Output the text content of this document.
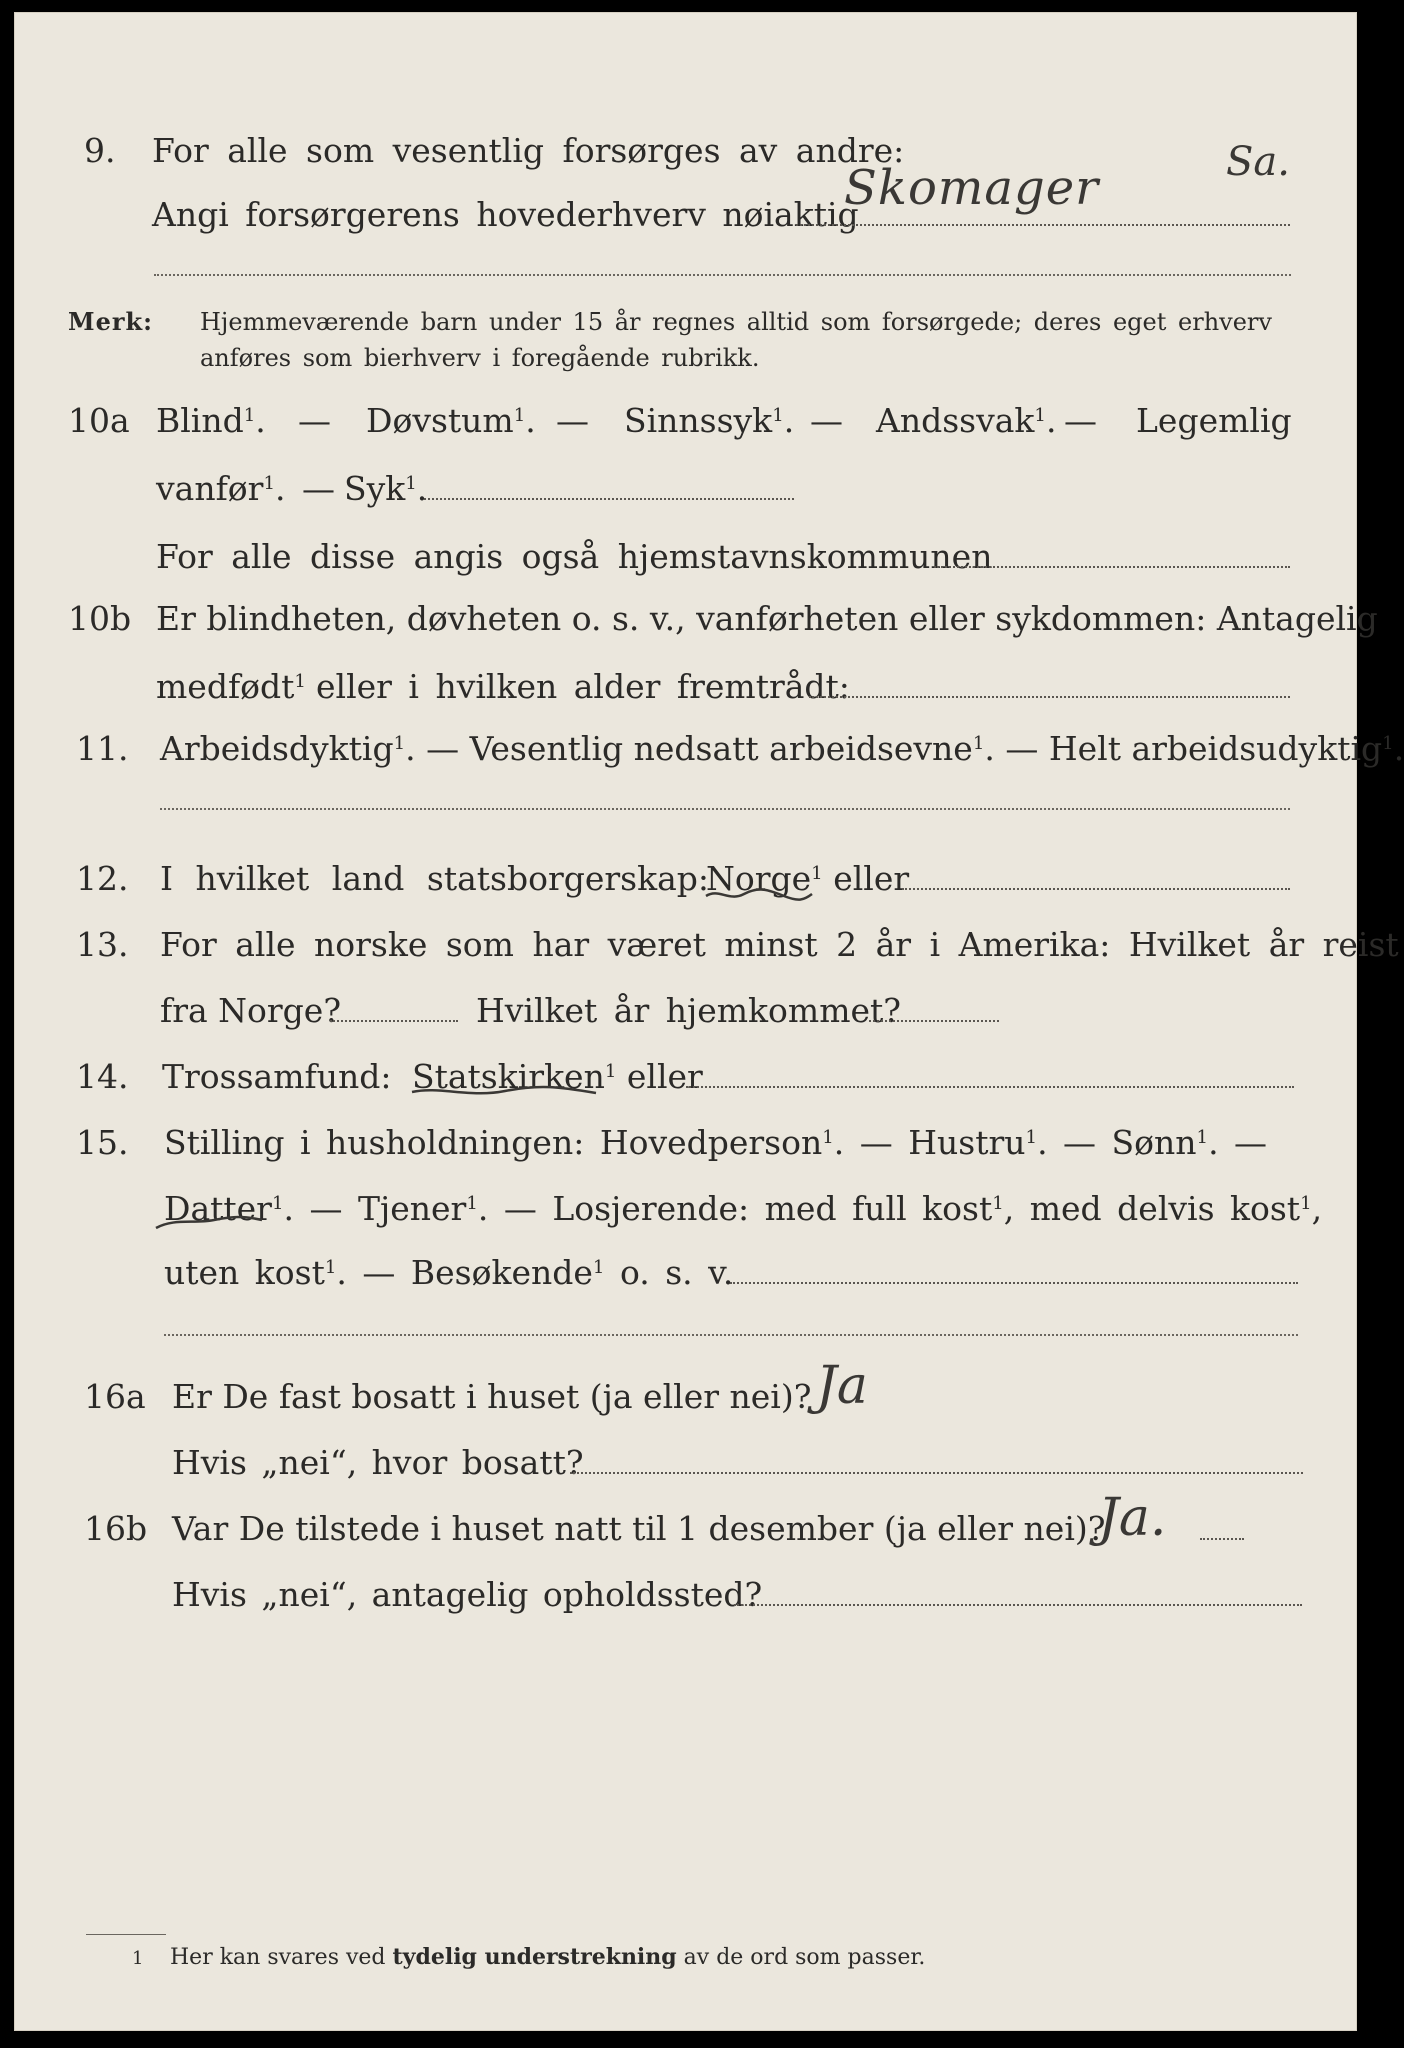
9. For alle som vesentlig forsørges av andre:
Angi forsørgerens hovederhverv nøiaktig
Skomager	Sa.
Merk: Hjemmeværende barn under 15 år regnes alltid som forsørgede; deres eget erhverv
anføres som bierhverv i foregående rubrikk.
10a Blind$^1$. — Døvstum$^1$. — Sinnssyk$^1$. — Andssvak$^1$. — Legemlig
vanfør$^1$. — Syk$^1$.
For alle disse angis også hjemstavnskommunen
10b Er blindheten, døvheten o. s. v., vanførheten eller sykdommen: Antagelig
medfødt$^1$ eller i hvilken alder fremtrådt:
11. Arbeidsdyktig$^1$. — Vesentlig nedsatt arbeidsevne$^1$. — Helt arbeidsudyktig$^1$.
12. I hvilket land statsborgerskap:
Norge$^1$ eller
13. For alle norske som har været minst 2 år i Amerika: Hvilket år reist
fra Norge?	Hvilket år hjemkommet?
14. Trossamfund: Statskirken$^1$ eller
15. Stilling i husholdningen: Hovedperson$^1$. — Hustru$^1$. — Sønn$^1$. —
Datter$^1$. — Tjener$^1$. — Losjerende: med full kost$^1$, med delvis kost$^1$,
uten kost$^1$. — Besøkende$^1$ o. s. v.
16a Er De fast bosatt i huset (ja eller nei)? Ja
Hvis „nei“, hvor bosatt?
16b Var De tilstede i huset natt til 1 desember (ja eller nei)?
Ja.
Hvis „nei“, antagelig opholdssted?
1 Her kan svares ved tydelig understrekning av de ord som passer.
